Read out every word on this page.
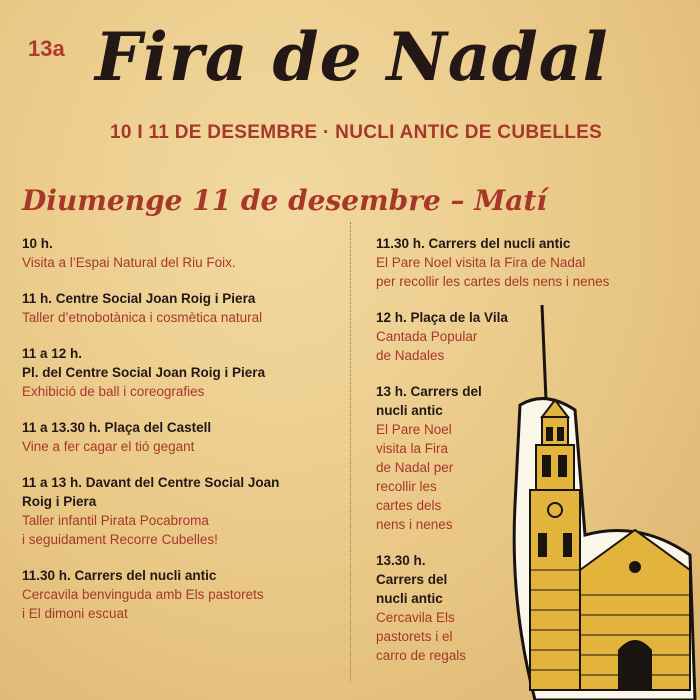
13a Fira de Nadal
10 I 11 DE DESEMBRE · NUCLI ANTIC DE CUBELLES
Diumenge 11 de desembre – Matí
10 h.
Visita a l’Espai Natural del Riu Foix.
11 h. Centre Social Joan Roig i Piera
Taller d’etnobotànica i cosmètica natural
11 a 12 h.
Pl. del Centre Social Joan Roig i Piera
Exhibició de ball i coreografies
11 a 13.30 h. Plaça del Castell
Vine a fer cagar el tió gegant
11 a 13 h. Davant del Centre Social Joan
Roig i Piera
Taller infantil Pirata Pocabroma
i seguidament Recorre Cubelles!
11.30 h. Carrers del nucli antic
Cercavila benvinguda amb Els pastorets
i El dimoni escuat
11.30 h. Carrers del nucli antic
El Pare Noel visita la Fira de Nadal
per recollir les cartes dels nens i nenes
12 h. Plaça de la Vila
Cantada Popular
de Nadales
13 h. Carrers del
nucli antic
El Pare Noel
visita la Fira
de Nadal per
recollir les
cartes dels
nens i nenes
13.30 h.
Carrers del
nucli antic
Cercavila Els
pastorets i el
carro de regals
